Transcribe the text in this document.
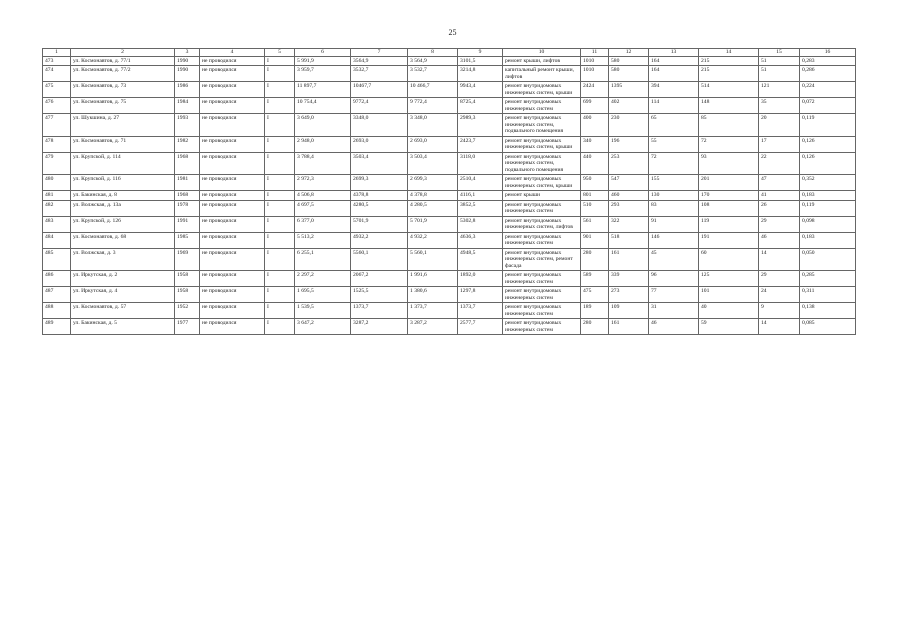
25
1	2	3	4	5	6	7	8	9	10	11	12	13	14	15	16
473	ул. Космонавтов, д. 77/1	1990	не проводился	I	5 991,9	3564,9	3 564,9	3101,5	ремонт крыши, лифтов	1010	580	164	215	51	0,283
474	ул. Космонавтов, д. 77/2	1990	не проводился	I	3 959,7	3532,7	3 532,7	3214,8	капитальный ремонт крыши, лифтов	1010	580	164	215	51	0,286
475	ул. Космонавтов, д. 73	1986	не проводился	I	11 897,7	10467,7	10 466,7	9943,4	ремонт внутридомовых инженерных систем, крыши	2424	1395	394	514	121	0,224
476	ул. Космонавтов, д. 75	1984	не проводился	I	10 754,4	9772,4	9 772,4	8725,4	ремонт внутридомовых инженерных систем	699	402	114	148	35	0,072
477	ул. Шукшина, д. 27	1993	не проводился	I	3 649,0	3348,0	3 348,0	2989,3	ремонт внутридомовых инженерных систем, подвального помещения	400	230	65	85	20	0,119
478	ул. Космонавтов, д. 71	1982	не проводился	I	2 948,0	2693,0	2 693,0	2423,7	ремонт внутридомовых инженерных систем, крыши	340	196	55	72	17	0,126
479	ул. Крупской, д. 114	1968	не проводился	I	3 788,4	3503,4	3 503,4	3118,0	ремонт внутридомовых инженерных систем, подвального помещения	440	253	72	93	22	0,126
480	ул. Крупской, д. 116	1981	не проводился	I	2 972,3	2699,3	2 699,3	2510,4	ремонт внутридомовых инженерных систем, крыши	950	547	155	201	47	0,352
481	ул. Бакинская, д. 8	1968	не проводился	I	4 506,8	4378,8	4 378,8	4116,1	ремонт крыши	801	460	130	170	41	0,183
482	ул. Волжская, д. 13а	1978	не проводился	I	4 697,5	4280,5	4 280,5	3852,5	ремонт внутридомовых инженерных систем	510	293	83	108	26	0,119
483	ул. Крупской, д. 126	1991	не проводился	I	6 377,0	5701,9	5 701,9	5302,8	ремонт внутридомовых инженерных систем, лифтов	561	322	91	119	29	0,098
484	ул. Космонавтов, д. 68	1985	не проводился	I	5 513,2	4932,2	4 932,2	4636,3	ремонт внутридомовых инженерных систем	901	518	146	191	46	0,183
485	ул. Волжская, д. 3	1969	не проводился	I	6 255,1	5560,1	5 560,1	4948,5	ремонт внутридомовых инженерных систем, ремонт фасада	280	161	45	60	14	0,050
486	ул. Иркутская, д. 2	1958	не проводился	I	2 297,2	2067,2	1 991,6	1892,0	ремонт внутридомовых инженерных систем	589	339	96	125	29	0,285
487	ул. Иркутская, д. 4	1958	не проводился	I	1 695,5	1525,5	1 380,6	1297,8	ремонт внутридомовых инженерных систем	475	273	77	101	24	0,311
488	ул. Космонавтов, д. 57	1952	не проводился	I	1 539,5	1373,7	1 373,7	1373,7	ремонт внутридомовых инженерных систем	189	109	31	40	9	0,138
489	ул. Бакинская, д. 5	1977	не проводился	I	3 647,2	3287,2	3 287,2	2577,7	ремонт внутридомовых инженерных систем	280	161	46	59	14	0,085
